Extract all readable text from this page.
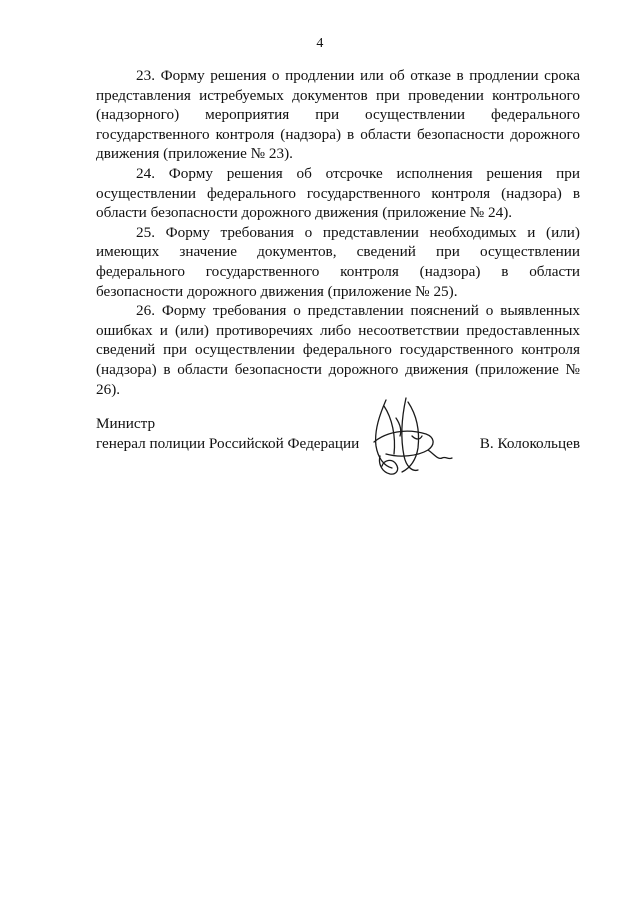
4

23. Форму решения о продлении или об отказе в продлении срока представления истребуемых документов при проведении контрольного (надзорного) мероприятия при осуществлении федерального государственного контроля (надзора) в области безопасности дорожного движения (приложение № 23).

24. Форму решения об отсрочке исполнения решения при осуществлении федерального государственного контроля (надзора) в области безопасности дорожного движения (приложение № 24).

25. Форму требования о представлении необходимых и (или) имеющих значение документов, сведений при осуществлении федерального государственного контроля (надзора) в области безопасности дорожного движения (приложение № 25).

26. Форму требования о представлении пояснений о выявленных ошибках и (или) противоречиях либо несоответствии предоставленных сведений при осуществлении федерального государственного контроля (надзора) в области безопасности дорожного движения (приложение № 26).

Министр
генерал полиции Российской Федерации	В. Колокольцев
